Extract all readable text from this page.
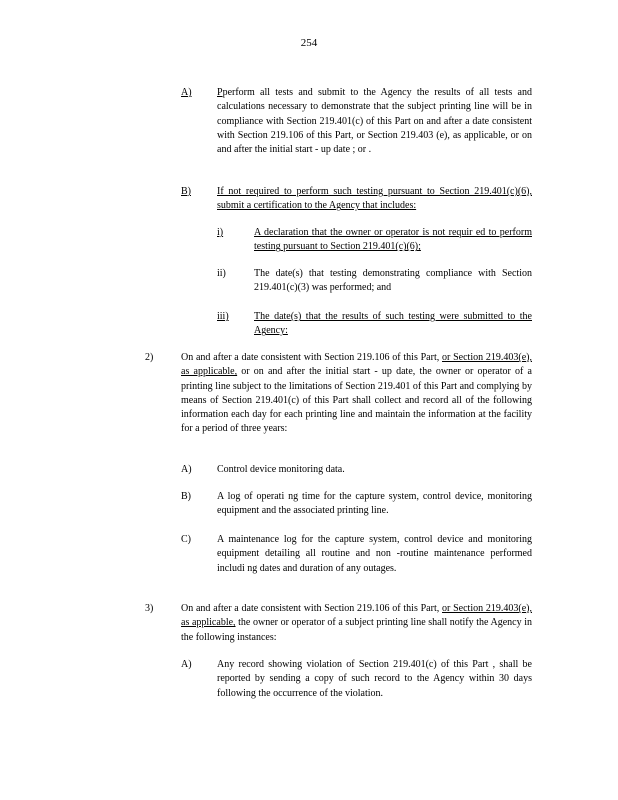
254
A)	Pperform all tests and submit to the Agency the results of all tests and calculations necessary to demonstrate that the subject printing line will be in compliance with Section 219.401(c) of this Part on and after a date consistent with Section 219.106 of this Part, or Section 219.403 (e), as applicable, or on and after the initial start - up date ; or .
B)	If not required to perform such testing pursuant to Section 219.401(c)(6), submit a certification to the Agency that includes:
i)	A declaration that the owner or operator is not requir ed to perform testing pursuant to Section 219.401(c)(6);
ii)	The date(s) that testing demonstrating compliance with Section 219.401(c)(3) was performed; and
iii)	The date(s) that the results of such testing were submitted to the Agency:
2)	On and after a date consistent with Section 219.106 of this Part, or Section 219.403(e), as applicable, or on and after the initial start - up date, the owner or operator of a printing line subject to the limitations of Section 219.401 of this Part and complying by means of Section 219.401(c) of this Part shall collect and record all of the following information each day for each printing line and maintain the information at the facility for a period of three years:
A)	Control device monitoring data.
B)	A log of operati ng time for the capture system, control device, monitoring equipment and the associated printing line.
C)	A maintenance log for the capture system, control device and monitoring equipment detailing all routine and non -routine maintenance performed includi ng dates and duration of any outages.
3)	On and after a date consistent with Section 219.106 of this Part, or Section 219.403(e), as applicable, the owner or operator of a subject printing line shall notify the Agency in the following instances:
A)	Any record showing violation of Section 219.401(c) of this Part , shall be reported by sending a copy of such record to the Agency within 30 days following the occurrence of the violation.
